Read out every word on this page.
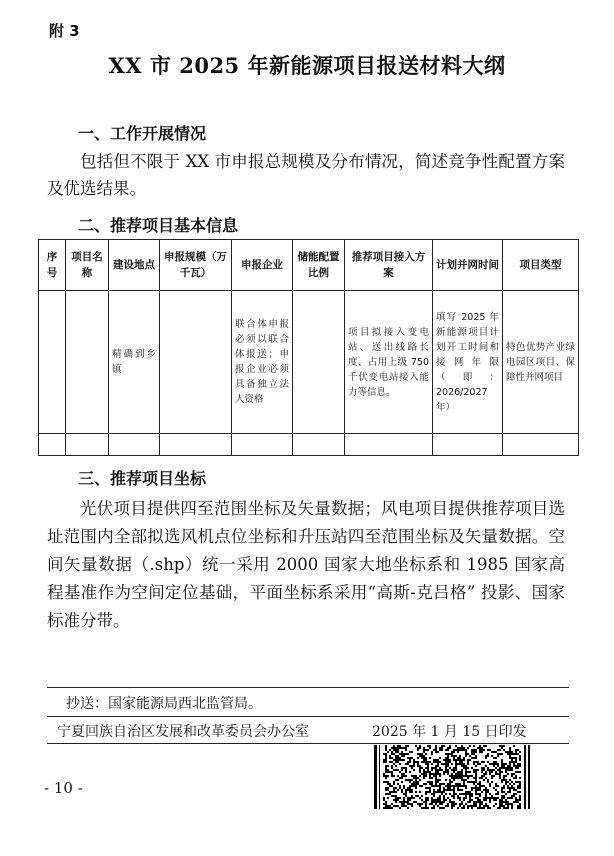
附 3
XX 市 2025 年新能源项目报送材料大纲
一、工作开展情况
包括但不限于 XX 市申报总规模及分布情况，简述竞争性配置方案及优选结果。
二、推荐项目基本信息
序号	项目名称	建设地点	申报规模（万千瓦）	申报企业	储能配置比例	推荐项目接入方案	计划并网时间	项目类型

		精确到乡镇		联合体申报必须以联合体报送；申报企业必须具备独立法人资格		项目拟接入变电站、送出线路长度、占用上级 750 千伏变电站接入能力等信息。	填写 2025 年新能源项目计划开工时间和接网年限（即：2026/2027 年）	特色优势产业绿电园区项目、保障性并网项目

三、推荐项目坐标
光伏项目提供四至范围坐标及矢量数据；风电项目提供推荐项目选址范围内全部拟选风机点位坐标和升压站四至范围坐标及矢量数据。空间矢量数据（.shp）统一采用 2000 国家大地坐标系和 1985 国家高程基准作为空间定位基础，平面坐标系采用“高斯-克吕格” 投影、国家标准分带。
抄送：国家能源局西北监管局。
宁夏回族自治区发展和改革委员会办公室	2025 年 1 月 15 日印发
- 10 -
